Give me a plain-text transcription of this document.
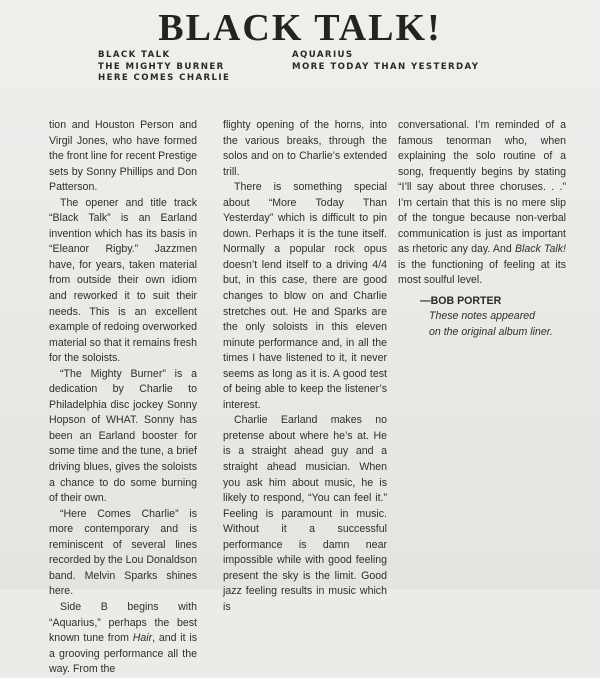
BLACK TALK!
BLACK TALK
THE MIGHTY BURNER
HERE COMES CHARLIE
AQUARIUS
MORE TODAY THAN YESTERDAY

tion and Houston Person and Virgil Jones, who have formed the front line for recent Prestige sets by Sonny Phillips and Don Patterson.

The opener and title track “Black Talk” is an Earland invention which has its basis in “Eleanor Rigby.” Jazzmen have, for years, taken material from outside their own idiom and reworked it to suit their needs. This is an excellent example of redoing overworked material so that it remains fresh for the soloists.

“The Mighty Burner” is a dedication by Charlie to Philadelphia disc jockey Sonny Hopson of WHAT. Sonny has been an Earland booster for some time and the tune, a brief driving blues, gives the soloists a chance to do some burning of their own.

“Here Comes Charlie” is more contemporary and is reminiscent of several lines recorded by the Lou Donaldson band. Melvin Sparks shines here.

Side B begins with “Aquarius,” perhaps the best known tune from Hair, and it is a grooving performance all the way. From the

flighty opening of the horns, into the various breaks, through the solos and on to Charlie’s extended trill.

There is something special about “More Today Than Yesterday” which is difficult to pin down. Perhaps it is the tune itself. Normally a popular rock opus doesn’t lend itself to a driving 4/4 but, in this case, there are good changes to blow on and Charlie stretches out. He and Sparks are the only soloists in this eleven minute performance and, in all the times I have listened to it, it never seems as long as it is. A good test of being able to keep the listener’s interest.

Charlie Earland makes no pretense about where he’s at. He is a straight ahead guy and a straight ahead musician. When you ask him about music, he is likely to respond, “You can feel it.” Feeling is paramount in music. Without it a successful performance is damn near impossible while with good feeling present the sky is the limit. Good jazz feeling results in music which is

conversational. I’m reminded of a famous tenorman who, when explaining the solo routine of a song, frequently begins by stating “I’ll say about three choruses. . .” I’m certain that this is no mere slip of the tongue because non-verbal communication is just as important as rhetoric any day. And Black Talk! is the functioning of feeling at its most soulful level.

—BOB PORTER
These notes appeared
on the original album liner.
